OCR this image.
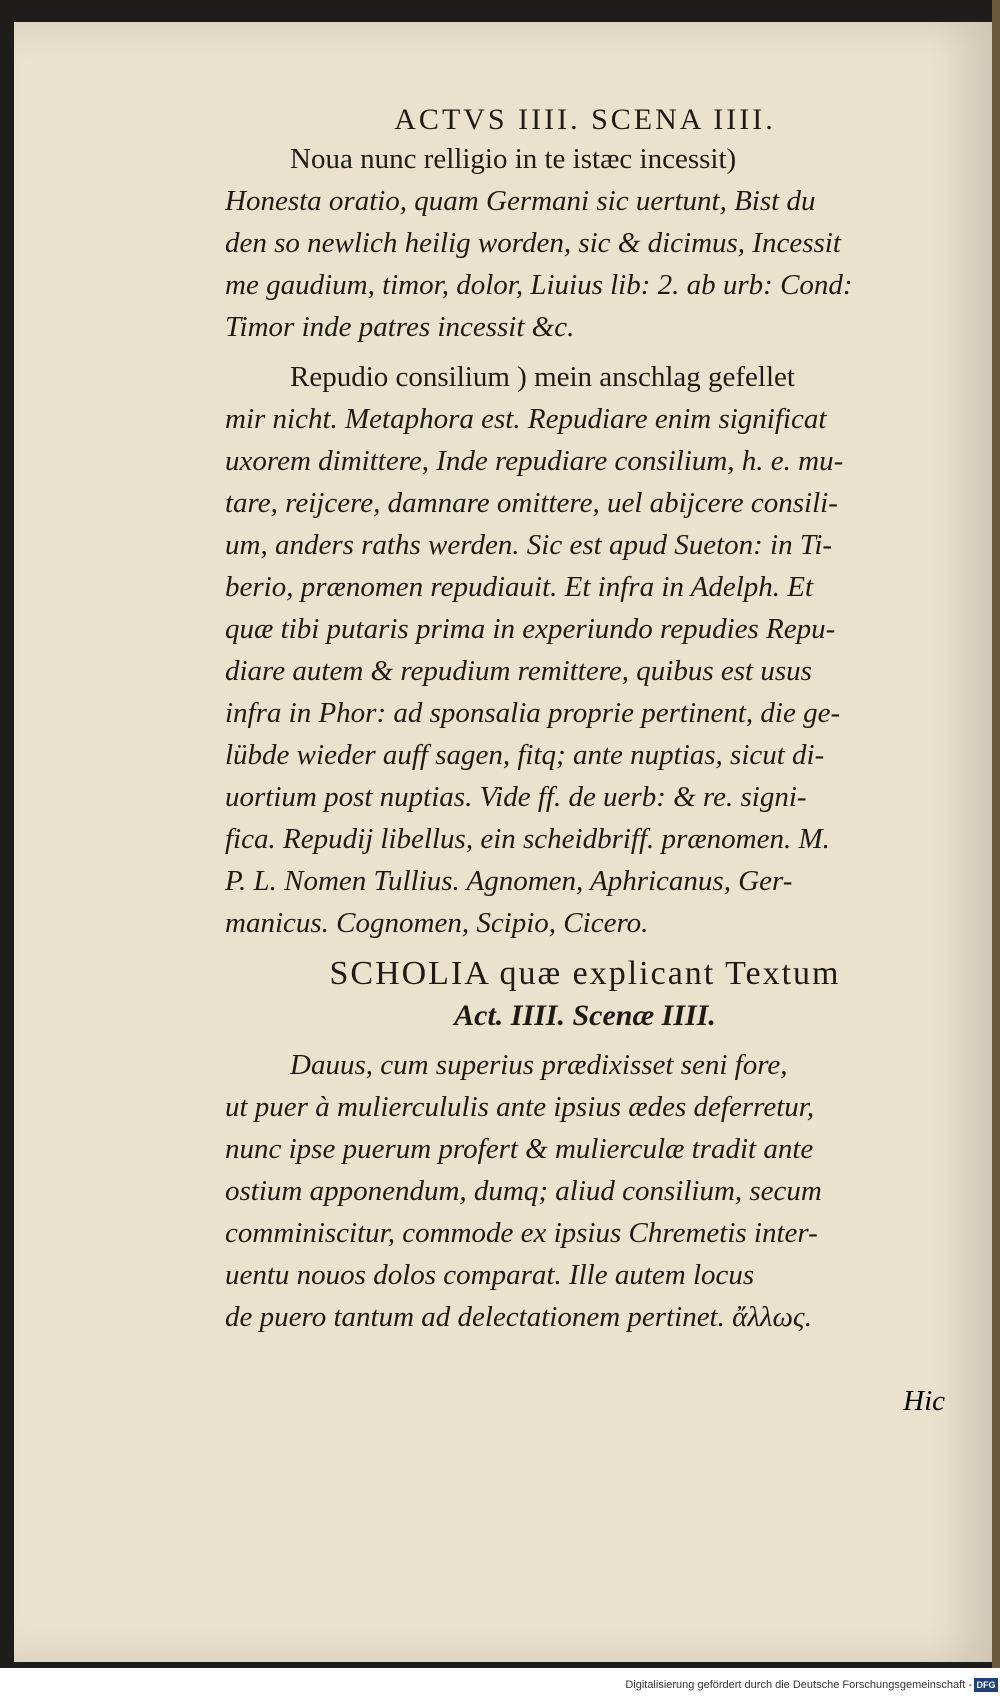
ACTVS IIII. SCENA IIII.
Noua nunc relligio in te istæc incessit)
Honesta oratio, quam Germani sic uertunt, Bist du
den so newlich heilig worden, sic & dicimus, Incessit
me gaudium, timor, dolor, Liuius lib: 2. ab urb: Cond:
Timor inde patres incessit &c.
Repudio consilium ) mein anschlag gefellet
mir nicht. Metaphora est. Repudiare enim significat
uxorem dimittere, Inde repudiare consilium, h. e. mu-
tare, reijcere, damnare omittere, uel abijcere consili-
um, anders raths werden. Sic est apud Sueton: in Ti-
berio, prænomen repudiauit. Et infra in Adelph. Et
quæ tibi putaris prima in experiundo repudies Repu-
diare autem & repudium remittere, quibus est usus
infra in Phor: ad sponsalia proprie pertinent, die ge-
lübde wieder auff sagen, fitq; ante nuptias, sicut di-
uortium post nuptias. Vide ff. de uerb: & re. signi-
fica. Repudij libellus, ein scheidbriff. prænomen. M.
P. L. Nomen Tullius. Agnomen, Aphricanus, Ger-
manicus. Cognomen, Scipio, Cicero.
SCHOLIA quæ explicant Textum
Act. IIII. Scenæ IIII.
Dauus, cum superius prædixisset seni fore,
ut puer à muliercululis ante ipsius ædes deferretur,
nunc ipse puerum profert & mulierculæ tradit ante
ostium apponendum, dumq; aliud consilium, secum
comminiscitur, commode ex ipsius Chremetis inter-
uentu nouos dolos comparat. Ille autem locus
de puero tantum ad delectationem pertinet. ἄλλως.
Hic
Digitalisierung gefördert durch die Deutsche Forschungsgemeinschaft - DFG
